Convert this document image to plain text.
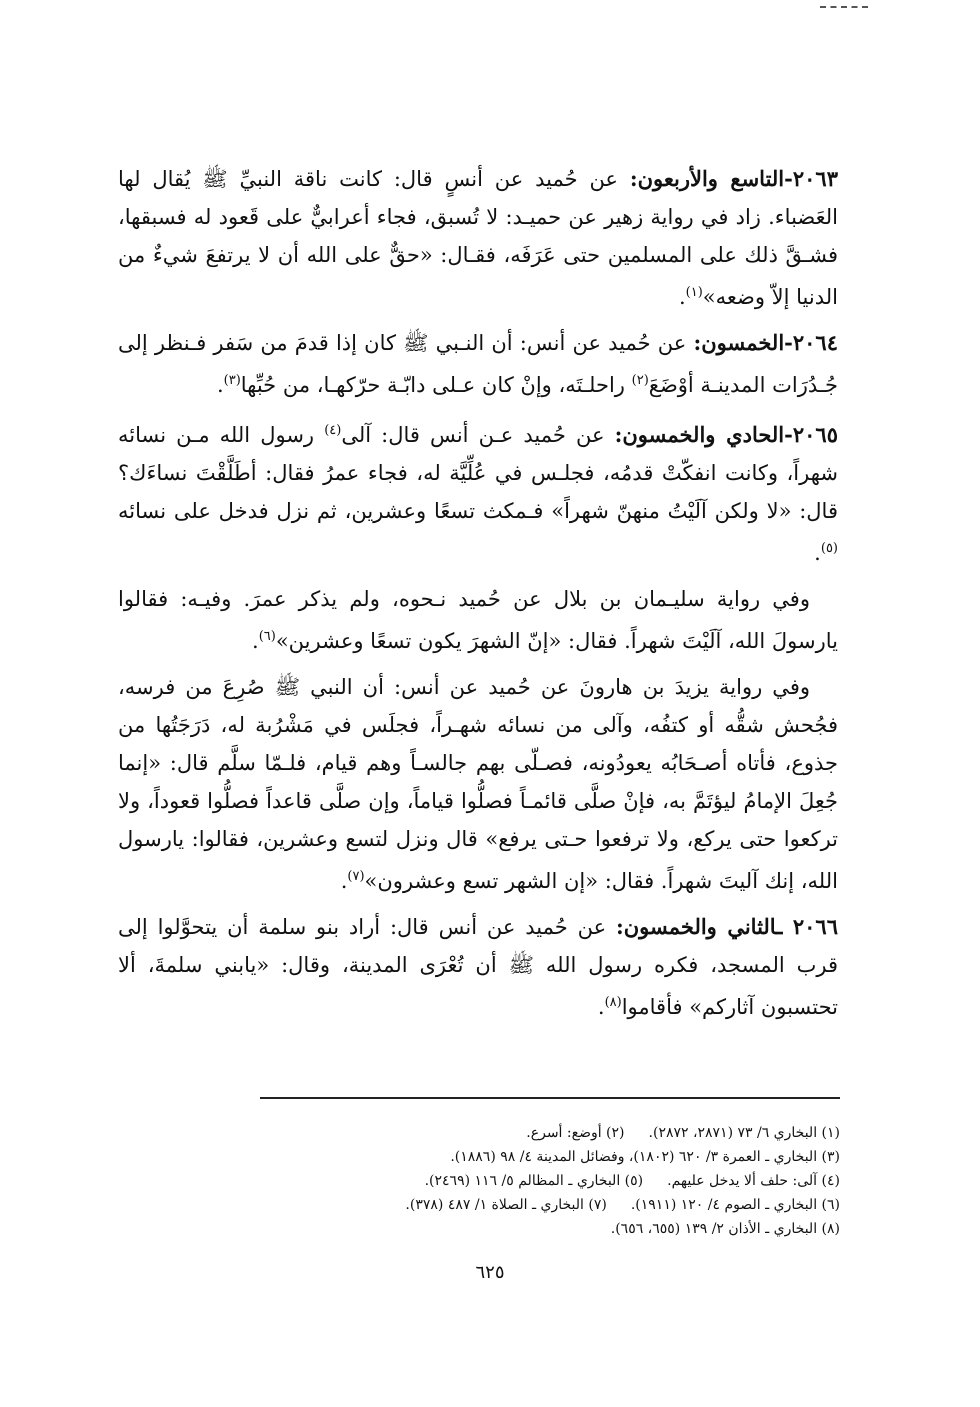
٢٠٦٣-التاسع والأربعون: عن حُميد عن أنسٍ قال: كانت ناقة النبيِّ ﷺ يُقال لها العَضباء. زاد في رواية زهير عن حميـد: لا تُسبق، فجاء أعرابيٌّ على قَعود له فسبقها، فشـقَّ ذلك على المسلمين حتى عَرَفَه، فقـال: «حقٌّ على الله أن لا يرتفعَ شيءٌ من الدنيا إلاّ وضعه»$^{(١)}$.

٢٠٦٤-الخمسون: عن حُميد عن أنس: أن النـبي ﷺ كان إذا قدمَ من سَفر فـنظر إلى جُـدُرَات المدينـة أوْضَعَ$^{(٢)}$ راحلـتَه، وإنْ كان عـلى دابّـة حرّكهـا، من حُبِّها$^{(٣)}$.

٢٠٦٥-الحادي والخمسون: عن حُميد عـن أنس قال: آلى$^{(٤)}$ رسول الله مـن نسائه شهراً، وكانت انفكّتْ قدمُه، فجلـس في عُلِّيَّة له، فجاء عمرُ فقال: أطَلَّقْتَ نساءَك؟ قال: «لا ولكن آلَيْتُ منهنّ شهراً» فـمكث تسعًا وعشرين، ثم نزل فدخل على نسائه $^{(٥)}$.

وفي رواية سليـمان بن بلال عن حُميد نـحوه، ولم يذكر عمرَ. وفيـه: فقالوا يارسولَ الله، آلَيْتَ شهراً. فقال: «إنّ الشهرَ يكون تسعًا وعشرين»$^{(٦)}$.

وفي رواية يزيدَ بن هارونَ عن حُميد عن أنس: أن النبي ﷺ صُرِعَ من فرسه، فجُحش شقُّه أو كتفُه، وآلى من نسائه شهـراً، فجلَس في مَشْرُبة له، دَرَجَتُها من جذوع، فأتاه أصـحَابُه يعودُونه، فصـلّى بهم جالسـاً وهم قيام، فلـمّا سلَّم قال: «إنما جُعِلَ الإمامُ ليؤتَمَّ به، فإنْ صلَّى قائمـاً فصلُّوا قياماً، وإن صلَّى قاعداً فصلُّوا قعوداً، ولا تركعوا حتى يركع، ولا ترفعوا حـتى يرفع» قال ونزل لتسع وعشرين، فقالوا: يارسول الله، إنك آليتَ شهراً. فقال: «إن الشهر تسع وعشرون»$^{(٧)}$.

٢٠٦٦ ـالثاني والخمسون: عن حُميد عن أنس قال: أراد بنو سلمة أن يتحوَّلوا إلى قرب المسجد، فكره رسول الله ﷺ أن تُعْرَى المدينة، وقال: «يابني سلمةَ، ألا تحتسبون آثاركم» فأقاموا$^{(٨)}$.

(١) البخاري ٦/ ٧٣ (٢٨٧١، ٢٨٧٢).
(٢) أوضع: أسرع.
(٣) البخاري ـ العمرة ٣/ ٦٢٠ (١٨٠٢)، وفضائل المدينة ٤/ ٩٨ (١٨٨٦).
(٤) آلى: حلف ألا يدخل عليهم.
(٥) البخاري ـ المظالم ٥/ ١١٦ (٢٤٦٩).
(٦) البخاري ـ الصوم ٤/ ١٢٠ (١٩١١).
(٧) البخاري ـ الصلاة ١/ ٤٨٧ (٣٧٨).
(٨) البخاري ـ الأذان ٢/ ١٣٩ (٦٥٥، ٦٥٦).
٦٢٥
